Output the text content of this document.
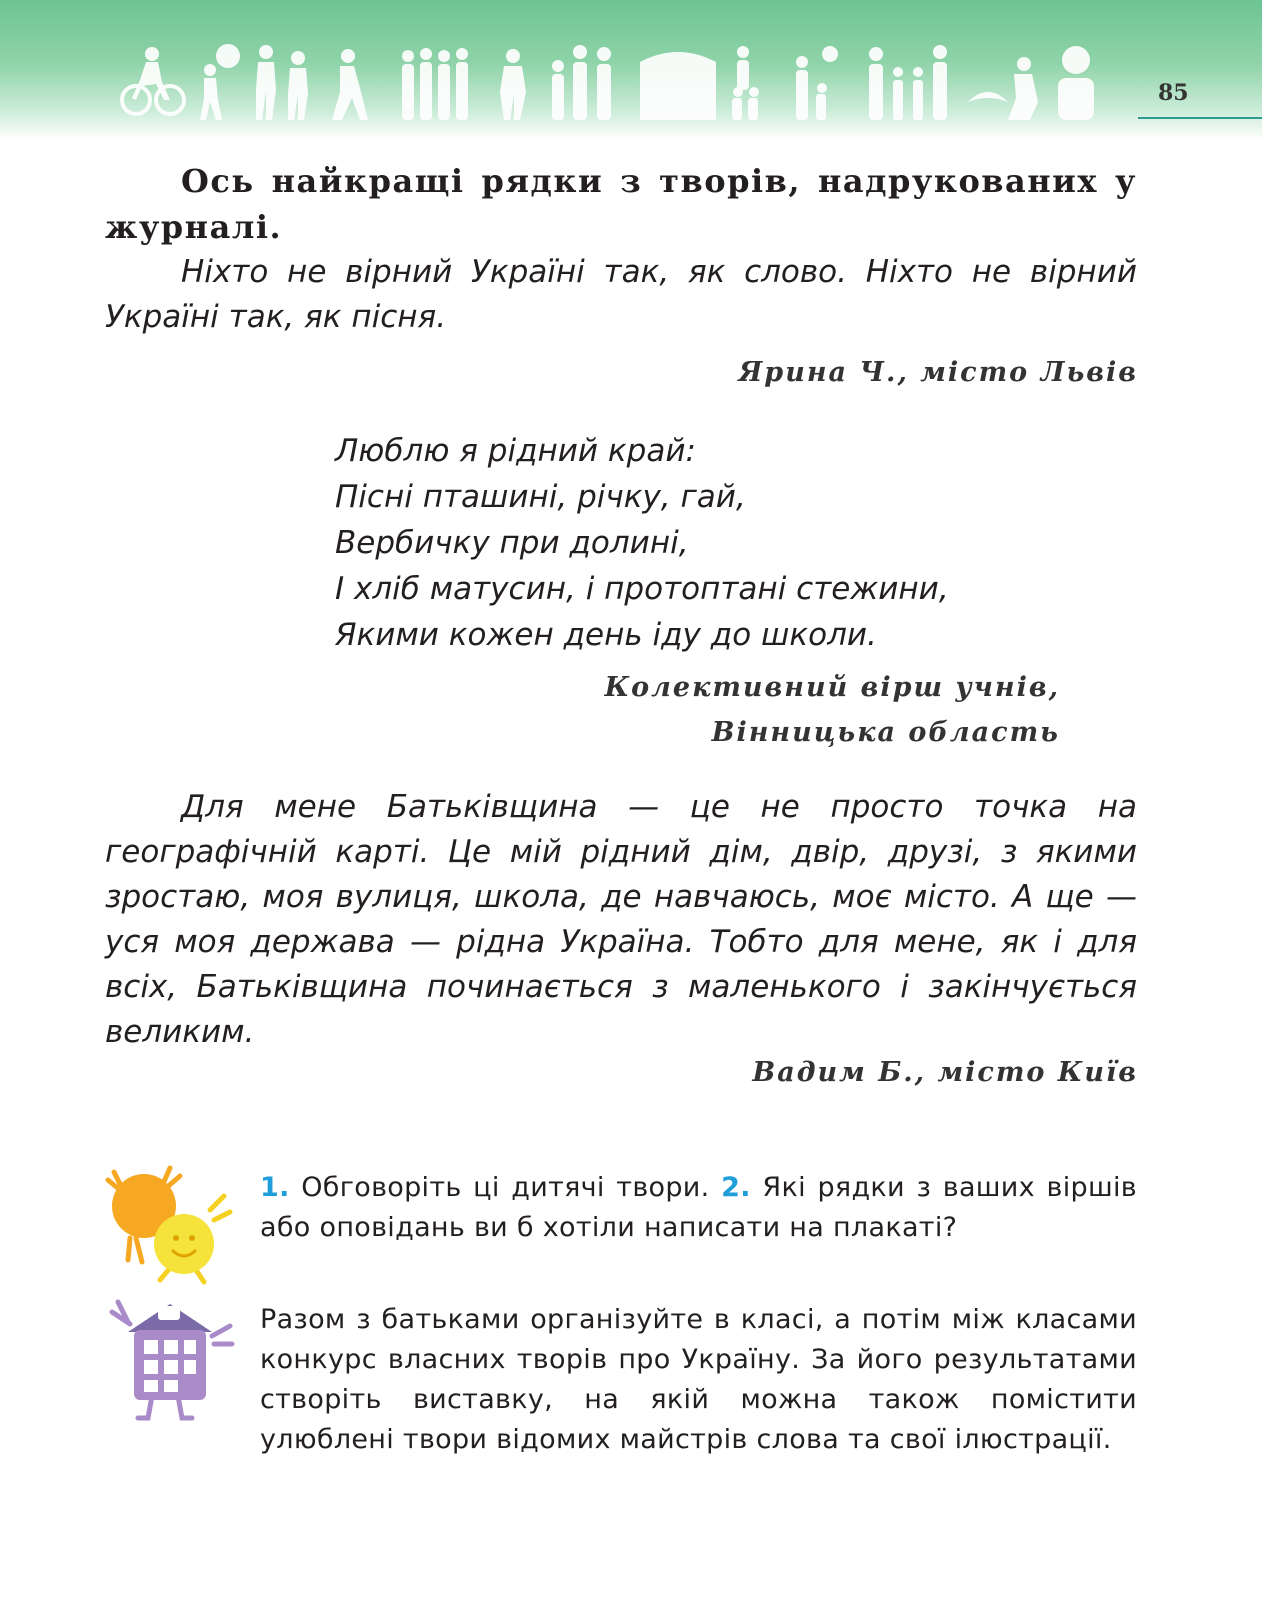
85

Ось найкращі рядки з творів, надрукованих у журналі.

Ніхто не вірний Україні так, як слово. Ніхто не вірний Україні так, як пісня.

Ярина Ч., місто Львів
Люблю я рідний край:
Пісні пташині, річку, гай,
Вербичку при долині,
І хліб матусин, і протоптані стежини,
Якими кожен день іду до школи.
Колективний вірш учнів,
Вінницька область

Для мене Батьківщина — це не просто точка на географічній карті. Це мій рідний дім, двір, друзі, з якими зростаю, моя вулиця, школа, де навчаюсь, моє місто. А ще — уся моя держава — рідна Україна. Тобто для мене, як і для всіх, Батьківщина починається з маленького і закінчується великим.

Вадим Б., місто Київ

1. Обговоріть ці дитячі твори. 2. Які рядки з ваших віршів або оповідань ви б хотіли написати на плакаті?

Разом з батьками організуйте в класі, а потім між класами конкурс власних творів про Україну. За його результатами створіть виставку, на якій можна також помістити улюблені твори відомих майстрів слова та свої ілюстрації.
